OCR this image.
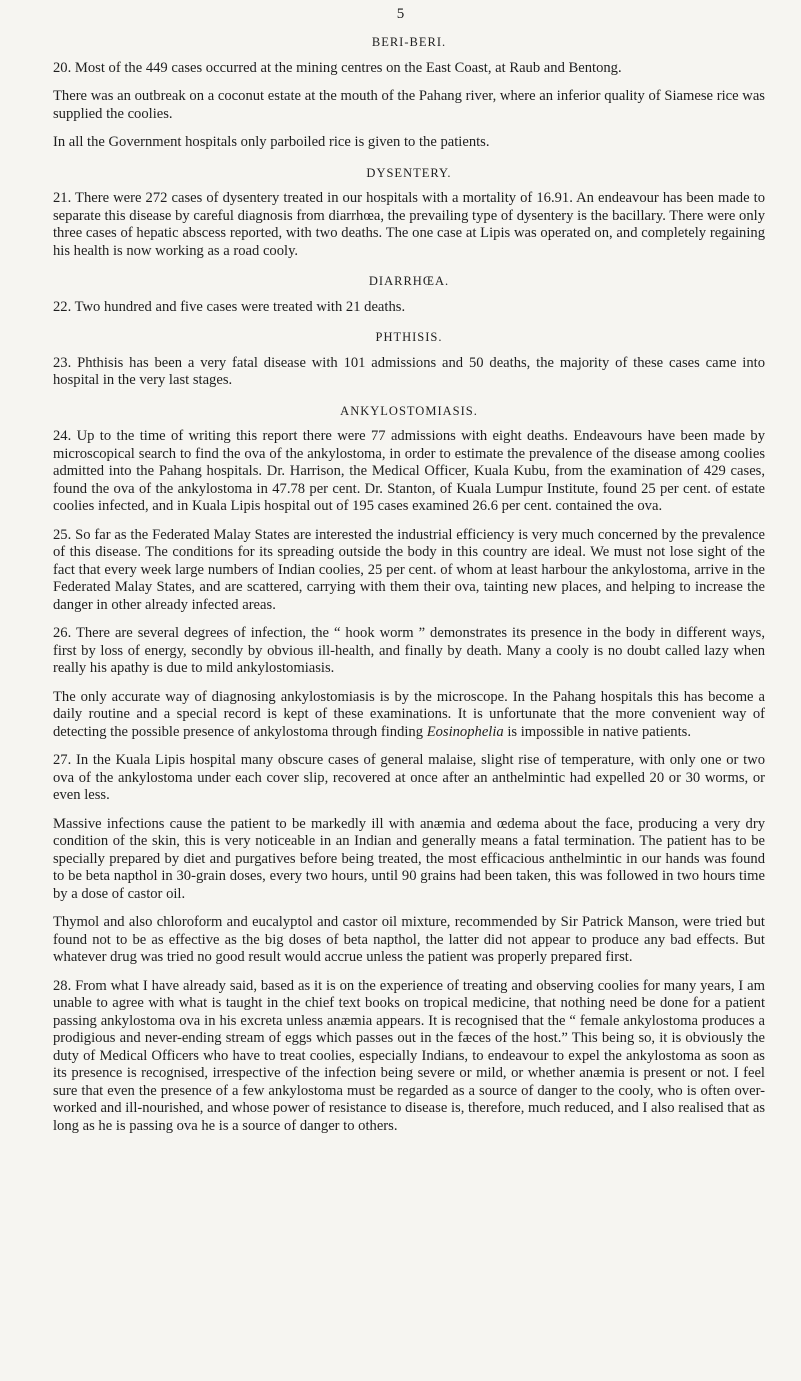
5
BERI-BERI.

20. Most of the 449 cases occurred at the mining centres on the East Coast, at Raub and Bentong.

There was an outbreak on a coconut estate at the mouth of the Pahang river, where an inferior quality of Siamese rice was supplied the coolies.

In all the Government hospitals only parboiled rice is given to the patients.

DYSENTERY.

21. There were 272 cases of dysentery treated in our hospitals with a mortality of 16.91. An endeavour has been made to separate this disease by careful diagnosis from diarrhœa, the prevailing type of dysentery is the bacillary. There were only three cases of hepatic abscess reported, with two deaths. The one case at Lipis was operated on, and completely regaining his health is now working as a road cooly.

DIARRHŒA.

22. Two hundred and five cases were treated with 21 deaths.

PHTHISIS.

23. Phthisis has been a very fatal disease with 101 admissions and 50 deaths, the majority of these cases came into hospital in the very last stages.

ANKYLOSTOMIASIS.

24. Up to the time of writing this report there were 77 admissions with eight deaths. Endeavours have been made by microscopical search to find the ova of the ankylostoma, in order to estimate the prevalence of the disease among coolies admitted into the Pahang hospitals. Dr. Harrison, the Medical Officer, Kuala Kubu, from the examination of 429 cases, found the ova of the ankylostoma in 47.78 per cent. Dr. Stanton, of Kuala Lumpur Institute, found 25 per cent. of estate coolies infected, and in Kuala Lipis hospital out of 195 cases examined 26.6 per cent. contained the ova.

25. So far as the Federated Malay States are interested the industrial efficiency is very much concerned by the prevalence of this disease. The conditions for its spreading outside the body in this country are ideal. We must not lose sight of the fact that every week large numbers of Indian coolies, 25 per cent. of whom at least harbour the ankylostoma, arrive in the Federated Malay States, and are scattered, carrying with them their ova, tainting new places, and helping to increase the danger in other already infected areas.

26. There are several degrees of infection, the “ hook worm ” demonstrates its presence in the body in different ways, first by loss of energy, secondly by obvious ill-health, and finally by death. Many a cooly is no doubt called lazy when really his apathy is due to mild ankylostomiasis.

The only accurate way of diagnosing ankylostomiasis is by the microscope. In the Pahang hospitals this has become a daily routine and a special record is kept of these examinations. It is unfortunate that the more convenient way of detecting the possible presence of ankylostoma through finding Eosinophelia is impossible in native patients.

27. In the Kuala Lipis hospital many obscure cases of general malaise, slight rise of temperature, with only one or two ova of the ankylostoma under each cover slip, recovered at once after an anthelmintic had expelled 20 or 30 worms, or even less.

Massive infections cause the patient to be markedly ill with anæmia and œdema about the face, producing a very dry condition of the skin, this is very noticeable in an Indian and generally means a fatal termination. The patient has to be specially prepared by diet and purgatives before being treated, the most efficacious anthelmintic in our hands was found to be beta napthol in 30-grain doses, every two hours, until 90 grains had been taken, this was followed in two hours time by a dose of castor oil.

Thymol and also chloroform and eucalyptol and castor oil mixture, recommended by Sir Patrick Manson, were tried but found not to be as effective as the big doses of beta napthol, the latter did not appear to produce any bad effects. But whatever drug was tried no good result would accrue unless the patient was properly prepared first.

28. From what I have already said, based as it is on the experience of treating and observing coolies for many years, I am unable to agree with what is taught in the chief text books on tropical medicine, that nothing need be done for a patient passing ankylostoma ova in his excreta unless anæmia appears. It is recognised that the “ female ankylostoma produces a prodigious and never-ending stream of eggs which passes out in the fæces of the host.” This being so, it is obviously the duty of Medical Officers who have to treat coolies, especially Indians, to endeavour to expel the ankylostoma as soon as its presence is recognised, irrespective of the infection being severe or mild, or whether anæmia is present or not. I feel sure that even the presence of a few ankylostoma must be regarded as a source of danger to the cooly, who is often over-worked and ill-nourished, and whose power of resistance to disease is, therefore, much reduced, and I also realised that as long as he is passing ova he is a source of danger to others.
